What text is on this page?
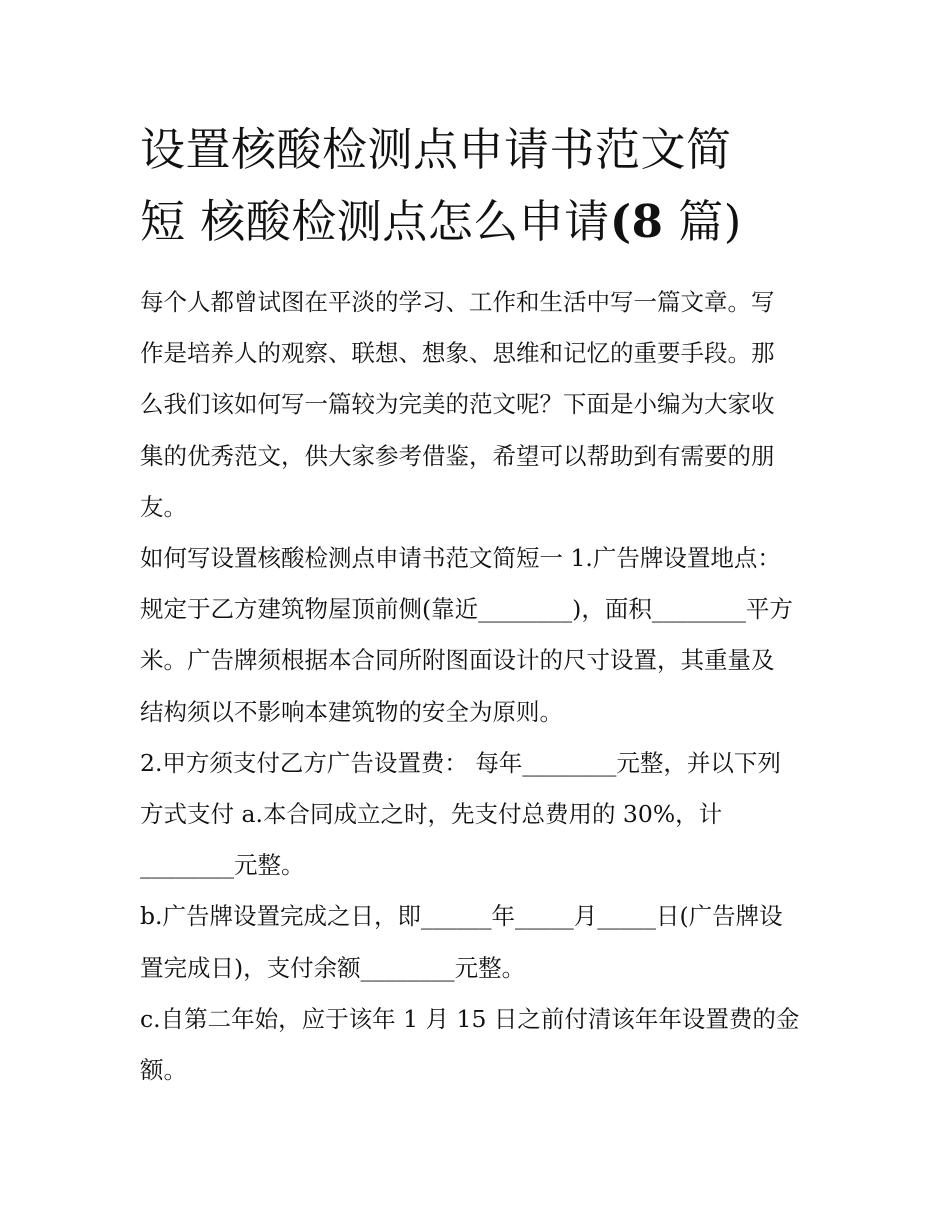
设置核酸检测点申请书范文简
短 核酸检测点怎么申请(8 篇)

每个人都曾试图在平淡的学习、工作和生活中写一篇文章。写
作是培养人的观察、联想、想象、思维和记忆的重要手段。那
么我们该如何写一篇较为完美的范文呢？下面是小编为大家收
集的优秀范文，供大家参考借鉴，希望可以帮助到有需要的朋
友。

如何写设置核酸检测点申请书范文简短一 1.广告牌设置地点：
规定于乙方建筑物屋顶前侧(靠近________)，面积________平方
米。广告牌须根据本合同所附图面设计的尺寸设置，其重量及
结构须以不影响本建筑物的安全为原则。

2.甲方须支付乙方广告设置费： 每年________元整，并以下列
方式支付 a.本合同成立之时，先支付总费用的 30%，计
________元整。

b.广告牌设置完成之日，即______年_____月_____日(广告牌设
置完成日)，支付余额________元整。

c.自第二年始，应于该年 1 月 15 日之前付清该年年设置费的金
额。
